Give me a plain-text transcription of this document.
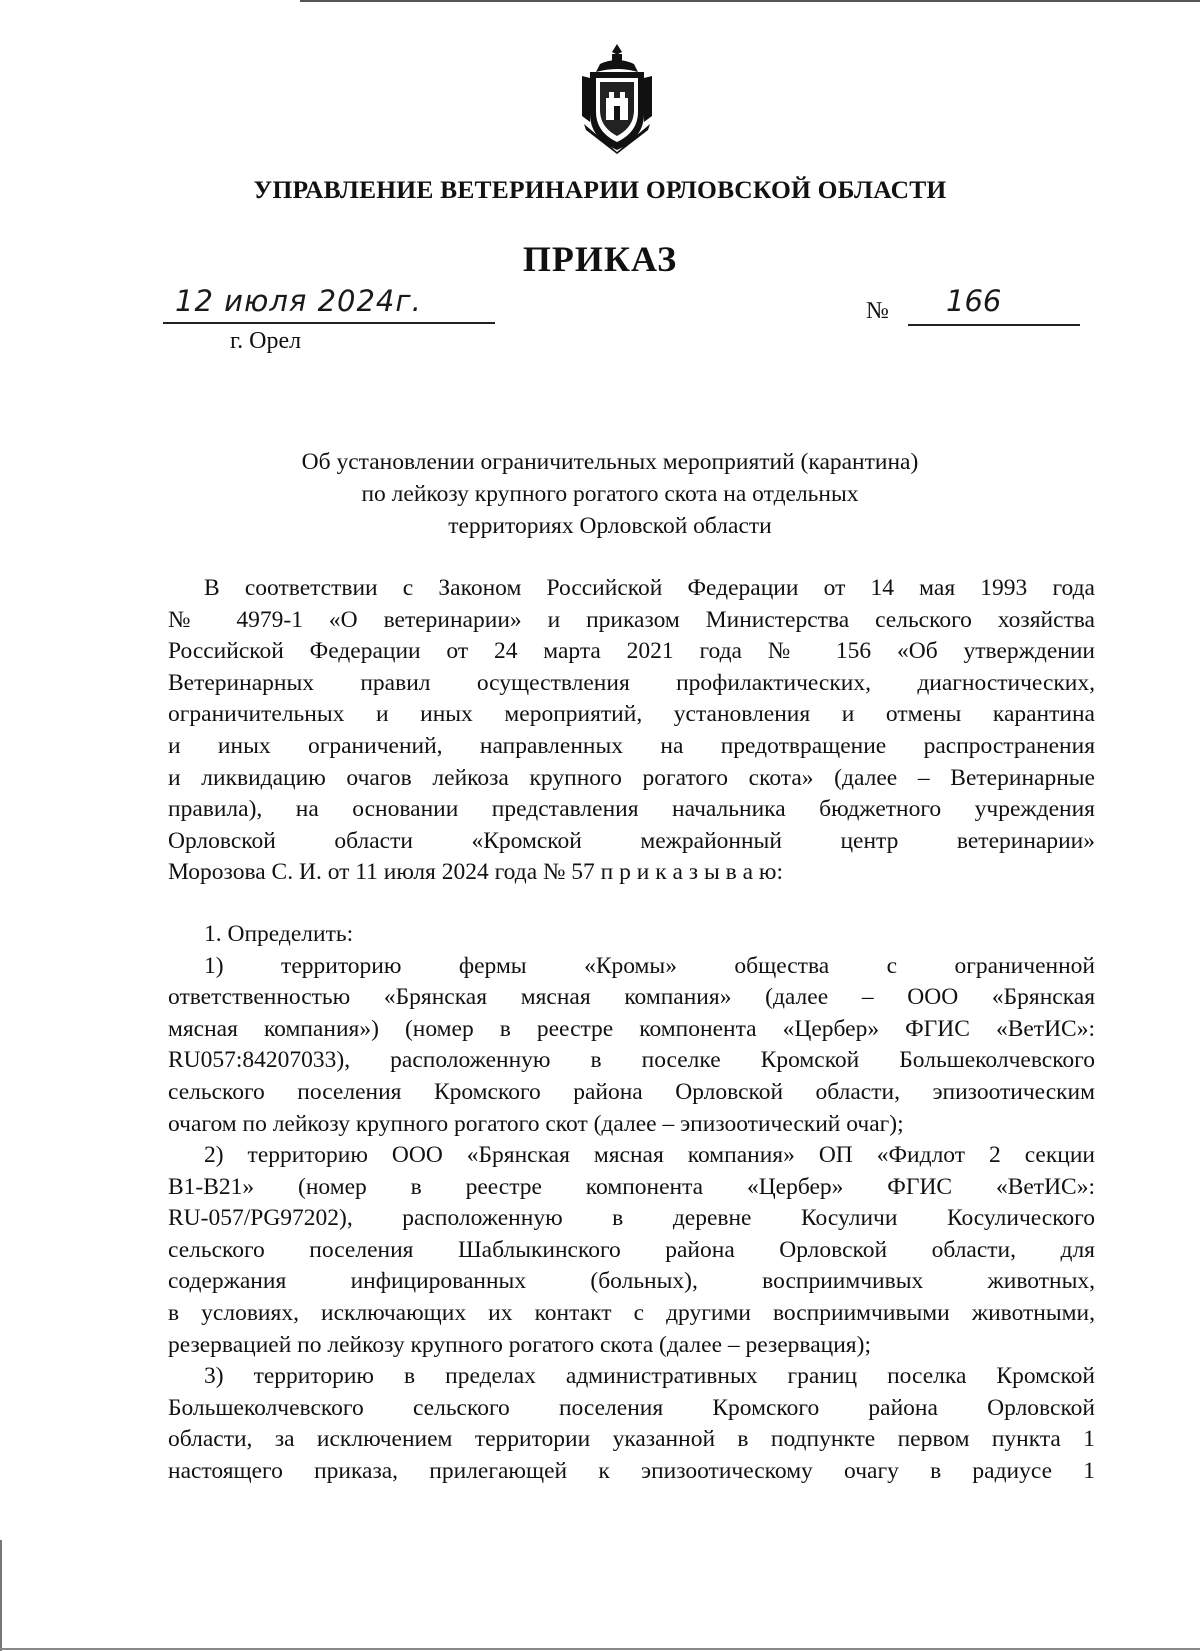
УПРАВЛЕНИЕ ВЕТЕРИНАРИИ ОРЛОВСКОЙ ОБЛАСТИ
ПРИКАЗ
12 июля 2024г.
г. Орел
№ 166
Об установлении ограничительных мероприятий (карантина)
по лейкозу крупного рогатого скота на отдельных
территориях Орловской области
В соответствии с Законом Российской Федерации от 14 мая 1993 года
№ 4979-1 «О ветеринарии» и приказом Министерства сельского хозяйства
Российской Федерации от 24 марта 2021 года № 156 «Об утверждении
Ветеринарных правил осуществления профилактических, диагностических,
ограничительных и иных мероприятий, установления и отмены карантина
и иных ограничений, направленных на предотвращение распространения
и ликвидацию очагов лейкоза крупного рогатого скота» (далее – Ветеринарные
правила), на основании представления начальника бюджетного учреждения
Орловской области «Кромской межрайонный центр ветеринарии»
Морозова С. И. от 11 июля 2024 года № 57 п р и к а з ы в а ю:
1. Определить:
1) территорию фермы «Кромы» общества с ограниченной
ответственностью «Брянская мясная компания» (далее – ООО «Брянская
мясная компания») (номер в реестре компонента «Цербер» ФГИС «ВетИС»:
RU057:84207033), расположенную в поселке Кромской Большеколчевского
сельского поселения Кромского района Орловской области, эпизоотическим
очагом по лейкозу крупного рогатого скот (далее – эпизоотический очаг);
2) территорию ООО «Брянская мясная компания» ОП «Фидлот 2 секции
В1-В21» (номер в реестре компонента «Цербер» ФГИС «ВетИС»:
RU-057/PG97202), расположенную в деревне Косуличи Косулического
сельского поселения Шаблыкинского района Орловской области, для
содержания инфицированных (больных), восприимчивых животных,
в условиях, исключающих их контакт с другими восприимчивыми животными,
резервацией по лейкозу крупного рогатого скота (далее – резервация);
3) территорию в пределах административных границ поселка Кромской
Большеколчевского сельского поселения Кромского района Орловской
области, за исключением территории указанной в подпункте первом пункта 1
настоящего приказа, прилегающей к эпизоотическому очагу в радиусе 1
